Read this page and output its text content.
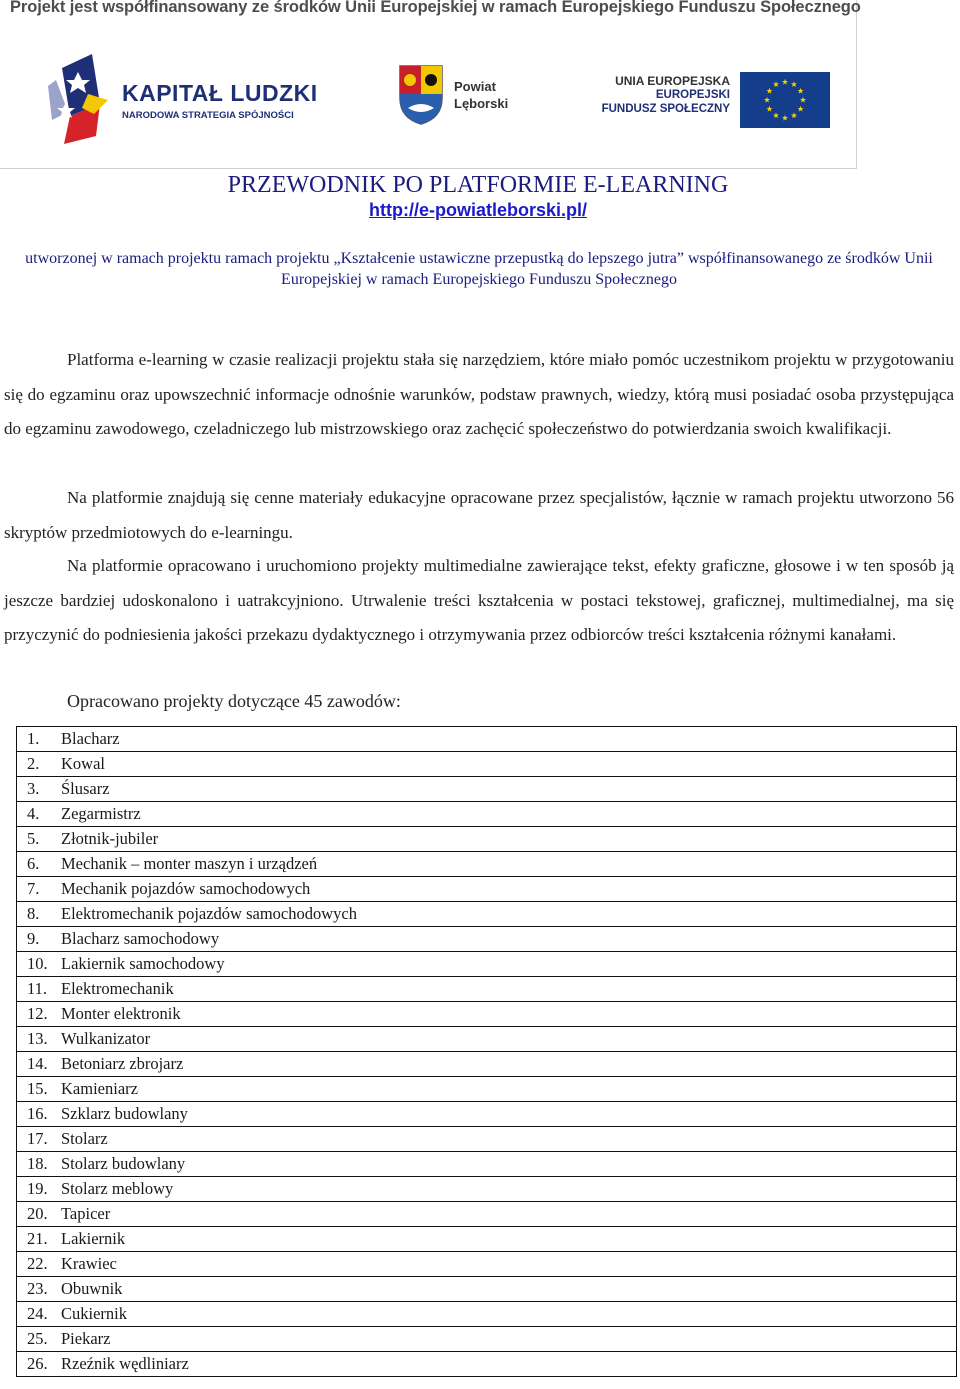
Projekt jest współfinansowany ze środków Unii Europejskiej w ramach Europejskiego Funduszu Społecznego
KAPITAŁ LUDZKI
NARODOWA STRATEGIA SPÓJNOŚCI
Powiat
Lęborski
UNIA EUROPEJSKA
EUROPEJSKI
FUNDUSZ SPOŁECZNY
PRZEWODNIK PO PLATFORMIE E-LEARNING
http://e-powiatleborski.pl/
utworzonej w ramach projektu ramach projektu „Kształcenie ustawiczne przepustką do lepszego jutra” współfinansowanego ze środków Unii Europejskiej w ramach Europejskiego Funduszu Społecznego
Platforma e-learning w czasie realizacji projektu stała się narzędziem, które miało pomóc uczestnikom projektu w przygotowaniu się do egzaminu oraz upowszechnić informacje odnośnie warunków, podstaw prawnych, wiedzy, którą musi posiadać osoba przystępująca do egzaminu zawodowego, czeladniczego lub mistrzowskiego oraz zachęcić społeczeństwo do potwierdzania swoich kwalifikacji.
Na platformie znajdują się cenne materiały edukacyjne opracowane przez specjalistów, łącznie w ramach projektu utworzono 56 skryptów przedmiotowych do e-learningu.
Na platformie opracowano i uruchomiono projekty multimedialne zawierające tekst, efekty graficzne, głosowe i w ten sposób ją jeszcze bardziej udoskonalono i uatrakcyjniono. Utrwalenie treści kształcenia w postaci tekstowej, graficznej, multimedialnej, ma się przyczynić do podniesienia jakości przekazu dydaktycznego i otrzymywania przez odbiorców treści kształcenia różnymi kanałami.
Opracowano projekty dotyczące 45 zawodów:
1. Blacharz
2. Kowal
3. Ślusarz
4. Zegarmistrz
5. Złotnik-jubiler
6. Mechanik – monter maszyn i urządzeń
7. Mechanik pojazdów samochodowych
8. Elektromechanik pojazdów samochodowych
9. Blacharz samochodowy
10. Lakiernik samochodowy
11. Elektromechanik
12. Monter elektronik
13. Wulkanizator
14. Betoniarz zbrojarz
15. Kamieniarz
16. Szklarz budowlany
17. Stolarz
18. Stolarz budowlany
19. Stolarz meblowy
20. Tapicer
21. Lakiernik
22. Krawiec
23. Obuwnik
24. Cukiernik
25. Piekarz
26. Rzeźnik wędliniarz
